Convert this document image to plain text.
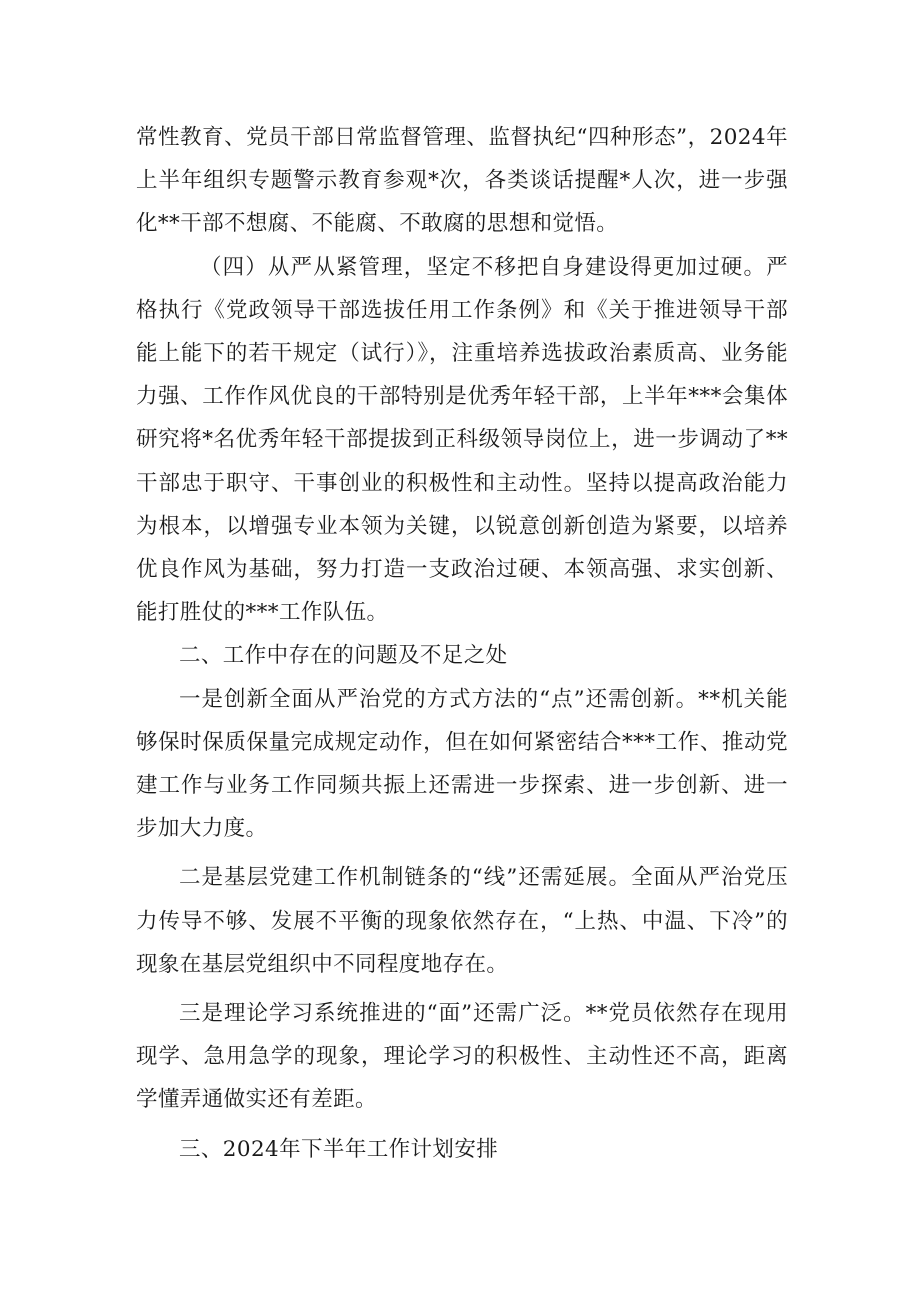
常性教育、党员干部日常监督管理、监督执纪“四种形态”，2024年上半年组织专题警示教育参观*次，各类谈话提醒*人次，进一步强化**干部不想腐、不能腐、不敢腐的思想和觉悟。

（四）从严从紧管理，坚定不移把自身建设得更加过硬。严格执行《党政领导干部选拔任用工作条例》和《关于推进领导干部能上能下的若干规定（试行）》，注重培养选拔政治素质高、业务能力强、工作作风优良的干部特别是优秀年轻干部，上半年***会集体研究将*名优秀年轻干部提拔到正科级领导岗位上，进一步调动了**干部忠于职守、干事创业的积极性和主动性。坚持以提高政治能力为根本，以增强专业本领为关键，以锐意创新创造为紧要，以培养优良作风为基础，努力打造一支政治过硬、本领高强、求实创新、能打胜仗的***工作队伍。

二、工作中存在的问题及不足之处

一是创新全面从严治党的方式方法的“点”还需创新。**机关能够保时保质保量完成规定动作，但在如何紧密结合***工作、推动党建工作与业务工作同频共振上还需进一步探索、进一步创新、进一步加大力度。

二是基层党建工作机制链条的“线”还需延展。全面从严治党压力传导不够、发展不平衡的现象依然存在，“上热、中温、下冷”的现象在基层党组织中不同程度地存在。

三是理论学习系统推进的“面”还需广泛。**党员依然存在现用现学、急用急学的现象，理论学习的积极性、主动性还不高，距离学懂弄通做实还有差距。

三、2024年下半年工作计划安排
